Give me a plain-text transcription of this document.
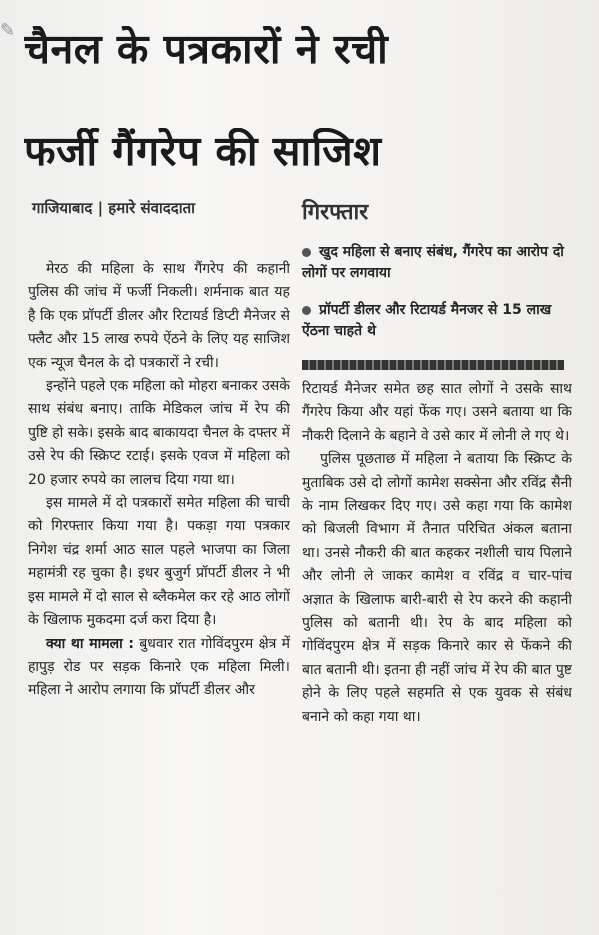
✎ चैनल के पत्रकारों ने रची
फर्जी गैंगरेप की साजिश
गाजियाबाद | हमारे संवाददाता	गिरफ्तार
खुद महिला से बनाए संबंध, गैंगरेप का आरोप दो लोगों पर लगवाया
प्रॉपर्टी डीलर और रिटायर्ड मैनजर से 15 लाख ऐंठना चाहते थे

मेरठ की महिला के साथ गैंगरेप की कहानी पुलिस की जांच में फर्जी निकली। शर्मनाक बात यह है कि एक प्रॉपर्टी डीलर और रिटायर्ड डिप्टी मैनेजर से फ्लैट और 15 लाख रुपये ऐंठने के लिए यह साजिश एक न्यूज चैनल के दो पत्रकारों ने रची।

इन्होंने पहले एक महिला को मोहरा बनाकर उसके साथ संबंध बनाए। ताकि मेडिकल जांच में रेप की पुष्टि हो सके। इसके बाद बाकायदा चैनल के दफ्तर में उसे रेप की स्क्रिप्ट रटाई। इसके एवज में महिला को 20 हजार रुपये का लालच दिया गया था।

इस मामले में दो पत्रकारों समेत महिला की चाची को गिरफ्तार किया गया है। पकड़ा गया पत्रकार निगेश चंद्र शर्मा आठ साल पहले भाजपा का जिला महामंत्री रह चुका है। इधर बुजुर्ग प्रॉपर्टी डीलर ने भी इस मामले में दो साल से ब्लैकमेल कर रहे आठ लोगों के खिलाफ मुकदमा दर्ज करा दिया है।

क्या था मामला : बुधवार रात गोविंदपुरम क्षेत्र में हापुड़ रोड पर सड़क किनारे एक महिला मिली। महिला ने आरोप लगाया कि प्रॉपर्टी डीलर और

रिटायर्ड मैनेजर समेत छह सात लोगों ने उसके साथ गैंगरेप किया और यहां फेंक गए। उसने बताया था कि नौकरी दिलाने के बहाने वे उसे कार में लोनी ले गए थे।

पुलिस पूछताछ में महिला ने बताया कि स्क्रिप्ट के मुताबिक उसे दो लोगों कामेश सक्सेना और रविंद्र सैनी के नाम लिखकर दिए गए। उसे कहा गया कि कामेश को बिजली विभाग में तैनात परिचित अंकल बताना था। उनसे नौकरी की बात कहकर नशीली चाय पिलाने और लोनी ले जाकर कामेश व रविंद्र व चार-पांच अज्ञात के खिलाफ बारी-बारी से रेप करने की कहानी पुलिस को बतानी थी। रेप के बाद महिला को गोविंदपुरम क्षेत्र में सड़क किनारे कार से फेंकने की बात बतानी थी। इतना ही नहीं जांच में रेप की बात पुष्ट होने के लिए पहले सहमति से एक युवक से संबंध बनाने को कहा गया था।
